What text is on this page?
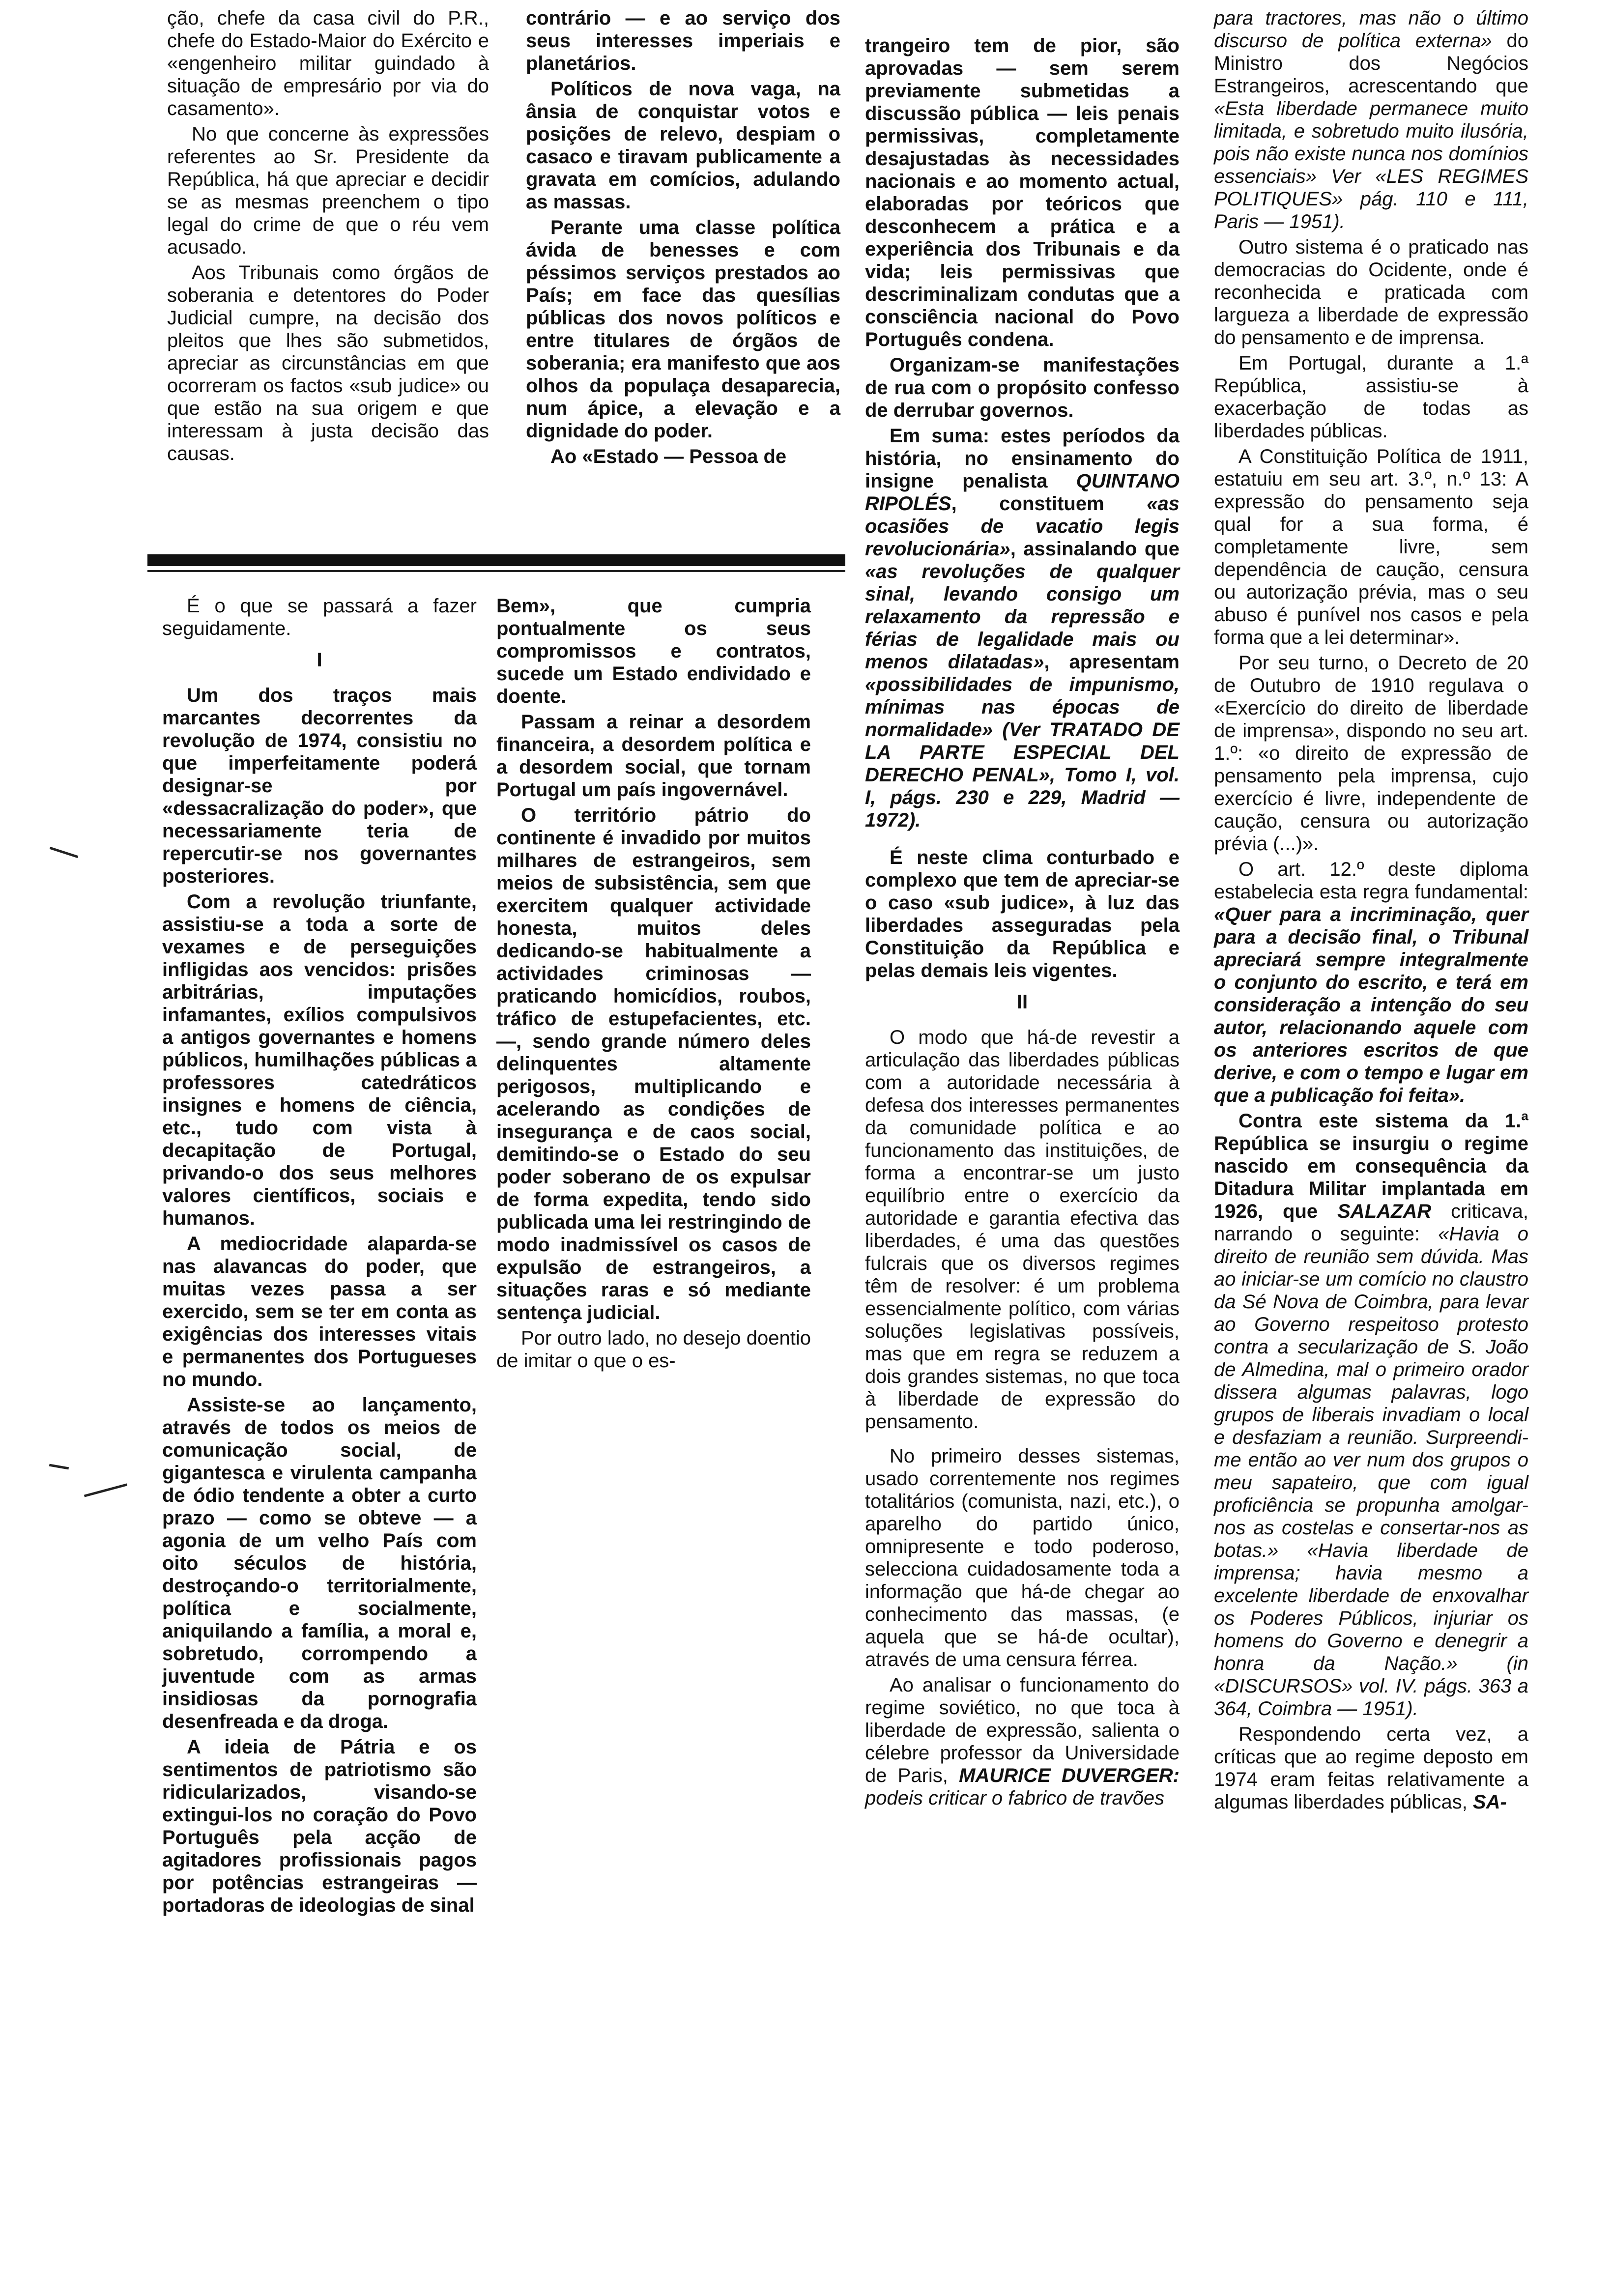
ção, chefe da casa civil do P.R., chefe do Estado-Maior do Exército e «engenheiro militar guindado à situação de empresário por via do casamento».

No que concerne às expressões referentes ao Sr. Presidente da República, há que apreciar e decidir se as mesmas preenchem o tipo legal do crime de que o réu vem acusado.

Aos Tribunais como órgãos de soberania e detentores do Poder Judicial cumpre, na decisão dos pleitos que lhes são submetidos, apreciar as circunstâncias em que ocorreram os factos «sub judice» ou que estão na sua origem e que interessam à justa decisão das causas.

contrário — e ao serviço dos seus interesses imperiais e planetários.

Políticos de nova vaga, na ânsia de conquistar votos e posições de relevo, despiam o casaco e tiravam publicamente a gravata em comícios, adulando as massas.

Perante uma classe política ávida de benesses e com péssimos serviços prestados ao País; em face das quesílias públicas dos novos políticos e entre titulares de órgãos de soberania; era manifesto que aos olhos da populaça desaparecia, num ápice, a elevação e a dignidade do poder.

Ao «Estado — Pessoa de

É o que se passará a fazer seguidamente.

I

Um dos traços mais marcantes decorrentes da revolução de 1974, consistiu no que imperfeitamente poderá designar-se por «dessacralização do poder», que necessariamente teria de repercutir-se nos governantes posteriores.

Com a revolução triunfante, assistiu-se a toda a sorte de vexames e de perseguições infligidas aos vencidos: prisões arbitrárias, imputações infamantes, exílios compulsivos a antigos governantes e homens públicos, humilhações públicas a professores catedráticos insignes e homens de ciência, etc., tudo com vista à decapitação de Portugal, privando-o dos seus melhores valores científicos, sociais e humanos.

A mediocridade alaparda-se nas alavancas do poder, que muitas vezes passa a ser exercido, sem se ter em conta as exigências dos interesses vitais e permanentes dos Portugueses no mundo.

Assiste-se ao lançamento, através de todos os meios de comunicação social, de gigantesca e virulenta campanha de ódio tendente a obter a curto prazo — como se obteve — a agonia de um velho País com oito séculos de história, destroçando-o territorialmente, política e socialmente, aniquilando a família, a moral e, sobretudo, corrompendo a juventude com as armas insidiosas da pornografia desenfreada e da droga.

A ideia de Pátria e os sentimentos de patriotismo são ridicularizados, visando-se extingui-los no coração do Povo Português pela acção de agitadores profissionais pagos por potências estrangeiras — portadoras de ideologias de sinal

Bem», que cumpria pontualmente os seus compromissos e contratos, sucede um Estado endividado e doente.

Passam a reinar a desordem financeira, a desordem política e a desordem social, que tornam Portugal um país ingovernável.

O território pátrio do continente é invadido por muitos milhares de estrangeiros, sem meios de subsistência, sem que exercitem qualquer actividade honesta, muitos deles dedicando-se habitualmente a actividades criminosas — praticando homicídios, roubos, tráfico de estupefacientes, etc. —, sendo grande número deles delinquentes altamente perigosos, multiplicando e acelerando as condições de insegurança e de caos social, demitindo-se o Estado do seu poder soberano de os expulsar de forma expedita, tendo sido publicada uma lei restringindo de modo inadmissível os casos de expulsão de estrangeiros, a situações raras e só mediante sentença judicial.

Por outro lado, no desejo doentio de imitar o que o es-

trangeiro tem de pior, são aprovadas — sem serem previamente submetidas a discussão pública — leis penais permissivas, completamente desajustadas às necessidades nacionais e ao momento actual, elaboradas por teóricos que desconhecem a prática e a experiência dos Tribunais e da vida; leis permissivas que descriminalizam condutas que a consciência nacional do Povo Português condena.

Organizam-se manifestações de rua com o propósito confesso de derrubar governos.

Em suma: estes períodos da história, no ensinamento do insigne penalista QUINTANO RIPOLÉS, constituem «as ocasiões de vacatio legis revolucionária», assinalando que «as revoluções de qualquer sinal, levando consigo um relaxamento da repressão e férias de legalidade mais ou menos dilatadas», apresentam «possibilidades de impunismo, mínimas nas épocas de normalidade» (Ver TRATADO DE LA PARTE ESPECIAL DEL DERECHO PENAL», Tomo I, vol. I, págs. 230 e 229, Madrid — 1972).

É neste clima conturbado e complexo que tem de apreciar-se o caso «sub judice», à luz das liberdades asseguradas pela Constituição da República e pelas demais leis vigentes.

II

O modo que há-de revestir a articulação das liberdades públicas com a autoridade necessária à defesa dos interesses permanentes da comunidade política e ao funcionamento das instituições, de forma a encontrar-se um justo equilíbrio entre o exercício da autoridade e garantia efectiva das liberdades, é uma das questões fulcrais que os diversos regimes têm de resolver: é um problema essencialmente político, com várias soluções legislativas possíveis, mas que em regra se reduzem a dois grandes sistemas, no que toca à liberdade de expressão do pensamento.

No primeiro desses sistemas, usado correntemente nos regimes totalitários (comunista, nazi, etc.), o aparelho do partido único, omnipresente e todo poderoso, selecciona cuidadosamente toda a informação que há-de chegar ao conhecimento das massas, (e aquela que se há-de ocultar), através de uma censura férrea.

Ao analisar o funcionamento do regime soviético, no que toca à liberdade de expressão, salienta o célebre professor da Universidade de Paris, MAURICE DUVERGER: podeis criticar o fabrico de travões

para tractores, mas não o último discurso de política externa» do Ministro dos Negócios Estrangeiros, acrescentando que «Esta liberdade permanece muito limitada, e sobretudo muito ilusória, pois não existe nunca nos domínios essenciais» Ver «LES REGIMES POLITIQUES» pág. 110 e 111, Paris — 1951).

Outro sistema é o praticado nas democracias do Ocidente, onde é reconhecida e praticada com largueza a liberdade de expressão do pensamento e de imprensa.

Em Portugal, durante a 1.ª República, assistiu-se à exacerbação de todas as liberdades públicas.

A Constituição Política de 1911, estatuiu em seu art. 3.º, n.º 13: A expressão do pensamento seja qual for a sua forma, é completamente livre, sem dependência de caução, censura ou autorização prévia, mas o seu abuso é punível nos casos e pela forma que a lei determinar».

Por seu turno, o Decreto de 20 de Outubro de 1910 regulava o «Exercício do direito de liberdade de imprensa», dispondo no seu art. 1.º: «o direito de expressão de pensamento pela imprensa, cujo exercício é livre, independente de caução, censura ou autorização prévia (...)».

O art. 12.º deste diploma estabelecia esta regra fundamental: «Quer para a incriminação, quer para a decisão final, o Tribunal apreciará sempre integralmente o conjunto do escrito, e terá em consideração a intenção do seu autor, relacionando aquele com os anteriores escritos de que derive, e com o tempo e lugar em que a publicação foi feita».

Contra este sistema da 1.ª República se insurgiu o regime nascido em consequência da Ditadura Militar implantada em 1926, que SALAZAR criticava, narrando o seguinte: «Havia o direito de reunião sem dúvida. Mas ao iniciar-se um comício no claustro da Sé Nova de Coimbra, para levar ao Governo respeitoso protesto contra a secularização de S. João de Almedina, mal o primeiro orador dissera algumas palavras, logo grupos de liberais invadiam o local e desfaziam a reunião. Surpreendi-me então ao ver num dos grupos o meu sapateiro, que com igual proficiência se propunha amolgar-nos as costelas e consertar-nos as botas.» «Havia liberdade de imprensa; havia mesmo a excelente liberdade de enxovalhar os Poderes Públicos, injuriar os homens do Governo e denegrir a honra da Nação.» (in «DISCURSOS» vol. IV. págs. 363 a 364, Coimbra — 1951).

Respondendo certa vez, a críticas que ao regime deposto em 1974 eram feitas relativamente a algumas liberdades públicas, SA-
